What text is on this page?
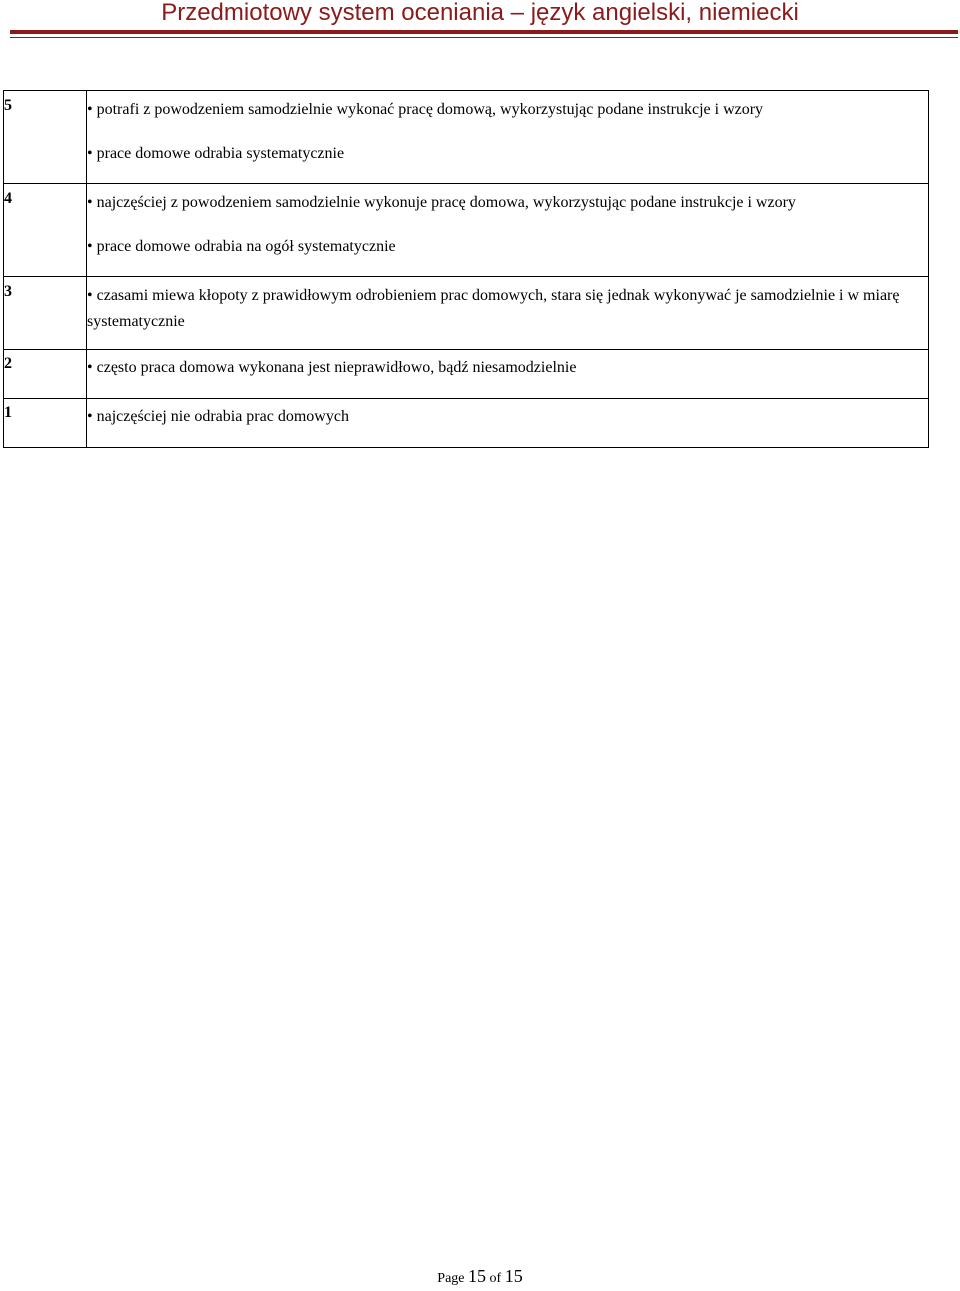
Przedmiotowy system oceniania – język angielski, niemiecki
5	• potrafi z powodzeniem samodzielnie wykonać pracę domową, wykorzystując podane instrukcje i wzory
• prace domowe odrabia systematycznie

4	• najczęściej z powodzeniem samodzielnie wykonuje pracę domowa, wykorzystując podane instrukcje i wzory
• prace domowe odrabia na ogół systematycznie

3	• czasami miewa kłopoty z prawidłowym odrobieniem prac domowych, stara się jednak wykonywać je samodzielnie i w miarę systematycznie

2	• często praca domowa wykonana jest nieprawidłowo, bądź niesamodzielnie

1	• najczęściej nie odrabia prac domowych
Page 15 of 15
